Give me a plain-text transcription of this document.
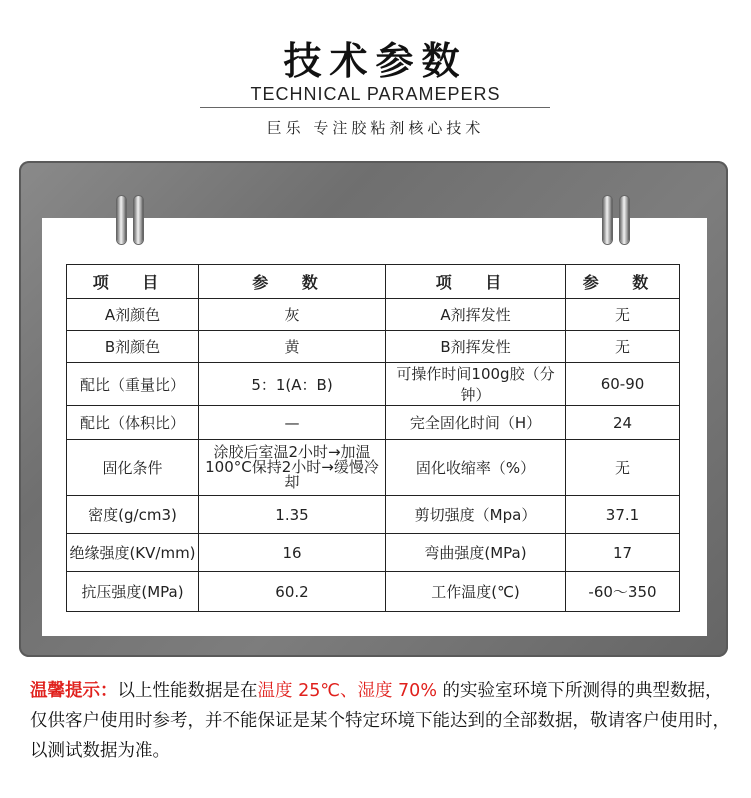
技术参数
TECHNICAL PARAMEPERS
巨乐 专注胶粘剂核心技术
项 目	参 数	项 目	参 数
A剂颜色	灰	A剂挥发性	无
B剂颜色	黄	B剂挥发性	无
配比（重量比）	5：1(A：B)	可操作时间100g胶（分钟）	60-90
配比（体积比）	—	完全固化时间（H）	24
固化条件	涂胶后室温2小时→加温100°C保持2小时→缓慢冷却	固化收缩率（%）	无
密度(g/cm3)	1.35	剪切强度（Mpa）	37.1
绝缘强度(KV/mm)	16	弯曲强度(MPa)	17
抗压强度(MPa)	60.2	工作温度(℃)	-60～350
温馨提示：以上性能数据是在温度 25℃、湿度 70% 的实验室环境下所测得的典型数据，仅供客户使用时参考，并不能保证是某个特定环境下能达到的全部数据，敬请客户使用时，以测试数据为准。
